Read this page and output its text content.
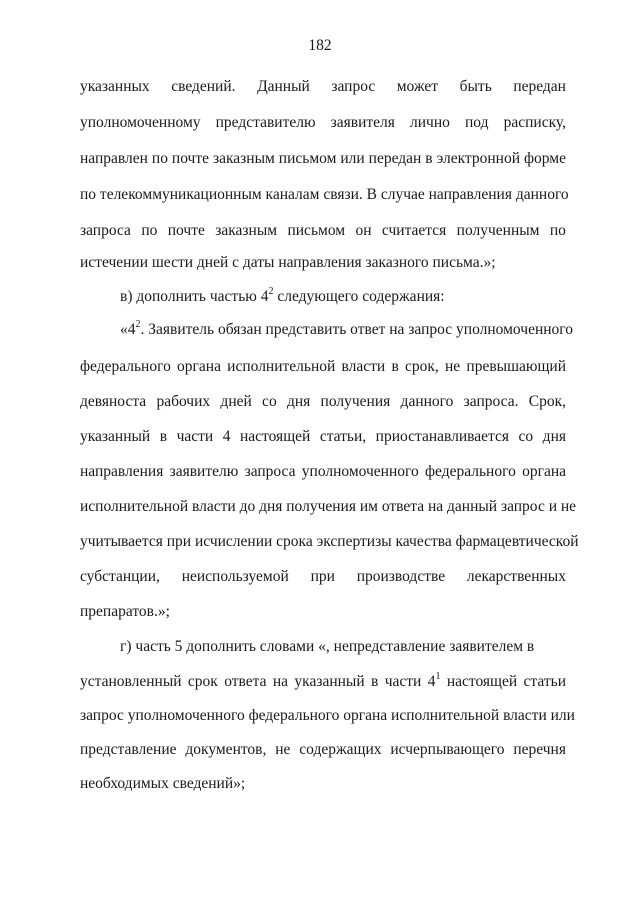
182
указанных сведений. Данный запрос может быть передан
уполномоченному представителю заявителя лично под расписку,
направлен по почте заказным письмом или передан в электронной форме
по телекоммуникационным каналам связи. В случае направления данного
запроса по почте заказным письмом он считается полученным по
истечении шести дней с даты направления заказного письма.»;
в) дополнить частью $4^2$ следующего содержания:
«$4^2$. Заявитель обязан представить ответ на запрос уполномоченного
федерального органа исполнительной власти в срок, не превышающий
девяноста рабочих дней со дня получения данного запроса. Срок,
указанный в части 4 настоящей статьи, приостанавливается со дня
направления заявителю запроса уполномоченного федерального органа
исполнительной власти до дня получения им ответа на данный запрос и не
учитывается при исчислении срока экспертизы качества фармацевтической
субстанции, неиспользуемой при производстве лекарственных
препаратов.»;
г) часть 5 дополнить словами «, непредставление заявителем в
установленный срок ответа на указанный в части $4^1$ настоящей статьи
запрос уполномоченного федерального органа исполнительной власти или
представление документов, не содержащих исчерпывающего перечня
необходимых сведений»;
